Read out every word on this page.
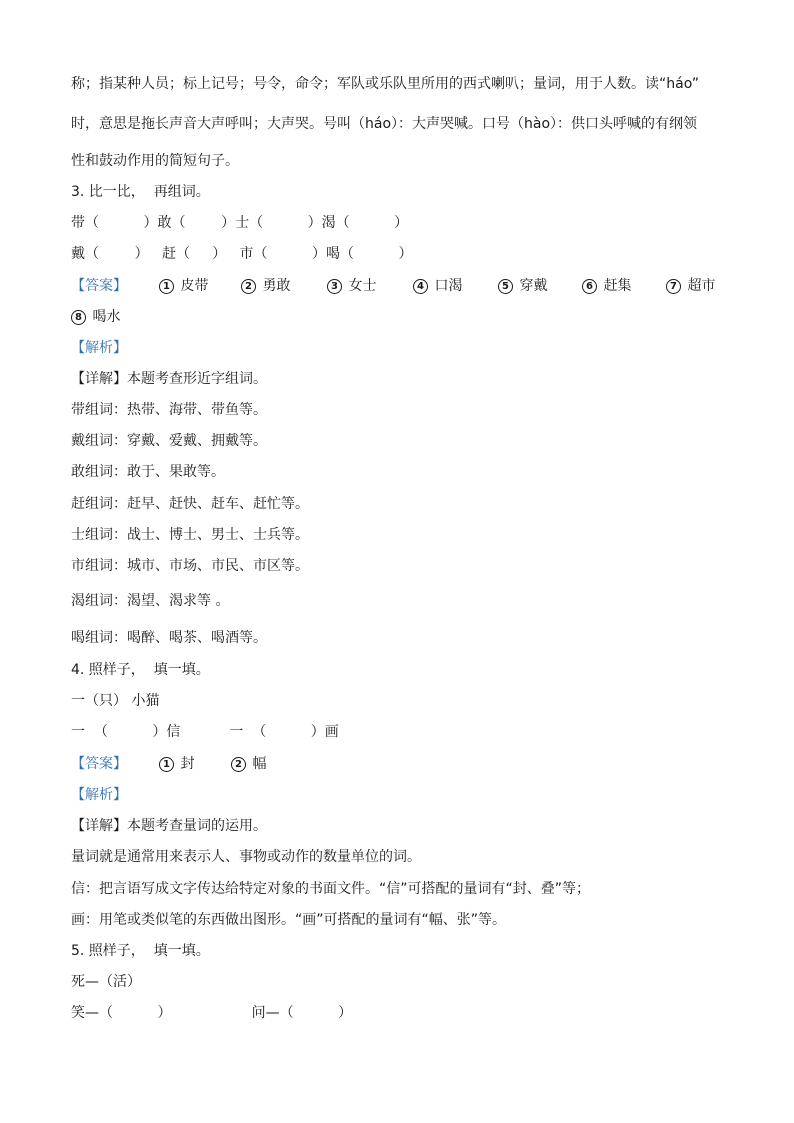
称；指某种人员；标上记号；号令，命令；军队或乐队里所用的西式喇叭；量词，用于人数。读“háo”
时，意思是拖长声音大声呼叫；大声哭。号叫（háo）：大声哭喊。口号（hào）：供口头呼喊的有纲领
性和鼓动作用的简短句子。
3. 比一比，  再组词。
带（          ）敢（        ）士（          ）渴（          ）
戴（        ）   赶（     ）   市（          ）喝（          ）
【答案】	1 皮带	2 勇敢	3 女士	4 口渴	5 穿戴	6 赶集	7 超市
8 喝水
【解析】
【详解】本题考查形近字组词。
带组词：热带、海带、带鱼等。
戴组词：穿戴、爱戴、拥戴等。
敢组词：敢于、果敢等。
赶组词：赶早、赶快、赶车、赶忙等。
士组词：战士、博士、男士、士兵等。
市组词：城市、市场、市民、市区等。
渴组词：渴望、渴求等 。
喝组词：喝醉、喝茶、喝酒等。
4. 照样子，  填一填。
一（只） 小猫
一  （          ）信           一  （          ）画
【答案】	1 封	2 幅
【解析】
【详解】本题考查量词的运用。
量词就是通常用来表示人、事物或动作的数量单位的词。
信：把言语写成文字传达给特定对象的书面文件。“信”可搭配的量词有“封、叠”等；
画：用笔或类似笔的东西做出图形。“画”可搭配的量词有“幅、张”等。
5. 照样子，  填一填。
死—（活）
笑—（          ）                  问—（          ）
